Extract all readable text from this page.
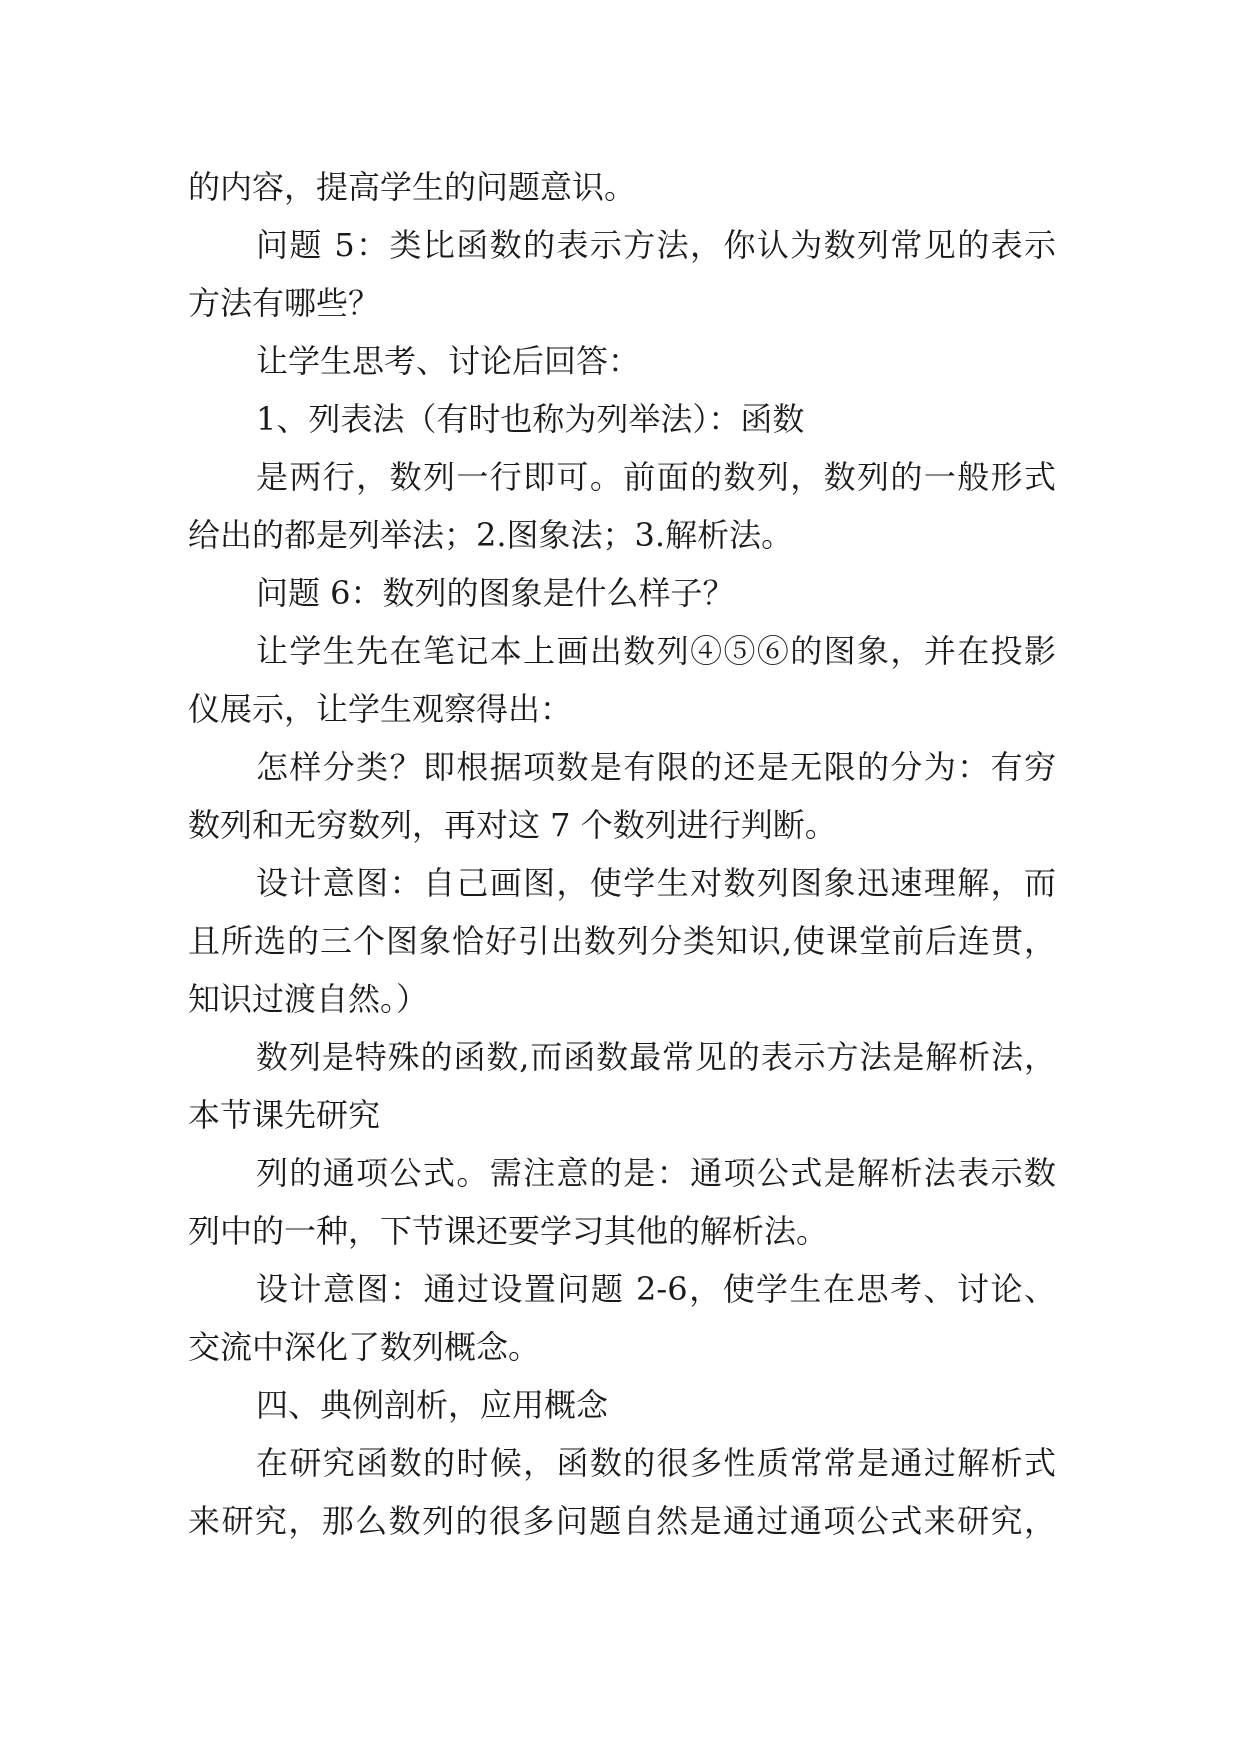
的内容，提高学生的问题意识。
问题 5：类比函数的表示方法，你认为数列常见的表示
方法有哪些？
让学生思考、讨论后回答：
1、列表法（有时也称为列举法）：函数
是两行，数列一行即可。前面的数列，数列的一般形式
给出的都是列举法；2.图象法；3.解析法。
问题 6：数列的图象是什么样子？
让学生先在笔记本上画出数列④⑤⑥的图象，并在投影
仪展示，让学生观察得出：
怎样分类？即根据项数是有限的还是无限的分为：有穷
数列和无穷数列，再对这 7 个数列进行判断。
设计意图：自己画图，使学生对数列图象迅速理解，而
且所选的三个图象恰好引出数列分类知识,使课堂前后连贯，
知识过渡自然。）
数列是特殊的函数,而函数最常见的表示方法是解析法，
本节课先研究
列的通项公式。需注意的是：通项公式是解析法表示数
列中的一种，下节课还要学习其他的解析法。
设计意图：通过设置问题 2-6，使学生在思考、讨论、
交流中深化了数列概念。
四、典例剖析，应用概念
在研究函数的时候，函数的很多性质常常是通过解析式
来研究，那么数列的很多问题自然是通过通项公式来研究，
